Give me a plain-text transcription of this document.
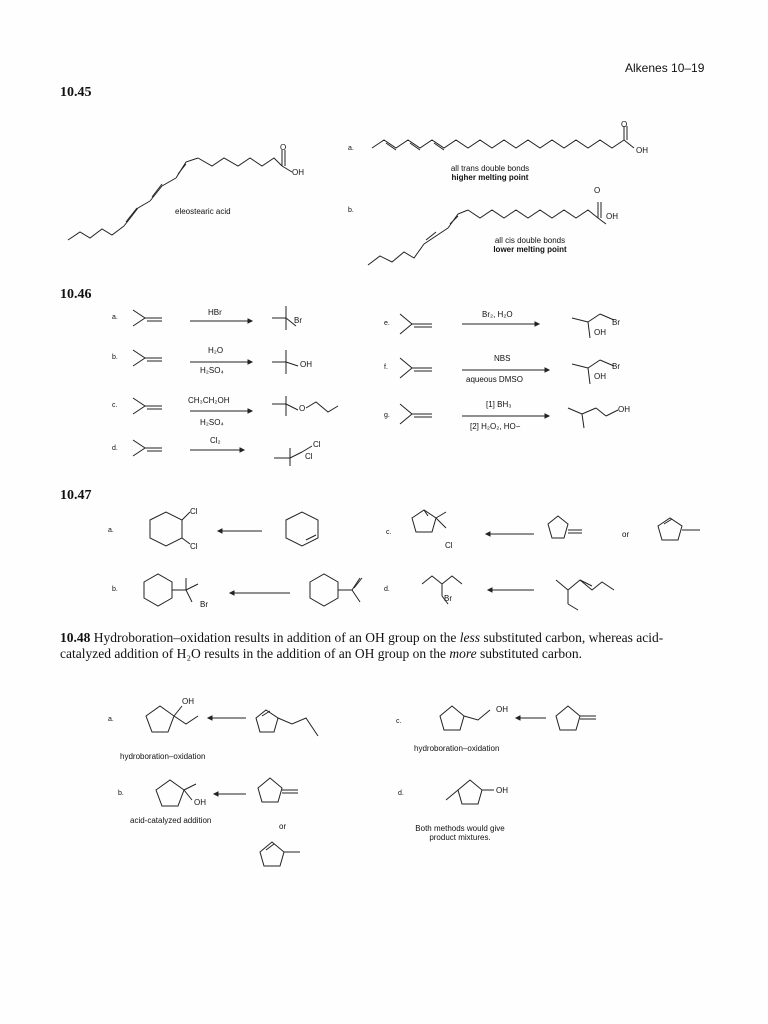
Alkenes 10–19
10.45
O
OH
eleostearic acid
a.
O
OH
all trans double bonds
higher melting point
b.
O
OH
all cis double bonds
lower melting point
10.46
a.
HBr
Br
b.
H₂O
H₂SO₄
OH
c.
CH₃CH₂OH
H₂SO₄
O
d.
Cl₂	Cl
Cl
e.
Br₂, H₂O
Br
OH
f.
NBS
aqueous DMSO
Br
OH
g.
[1] BH₃
[2] H₂O₂, HO−
OH
10.47
a.
Cl
Cl
b.
Br
c.
Cl
or
d.
Br
10.48 Hydroboration–oxidation results in addition of an OH group on the less substituted carbon, whereas acid-catalyzed addition of H₂O results in the addition of an OH group on the more substituted carbon.
a.
OH
hydroboration–oxidation
b.
OH
acid-catalyzed addition
or
c.
OH
hydroboration–oxidation
d.	OH
Both methods would give
product mixtures.
